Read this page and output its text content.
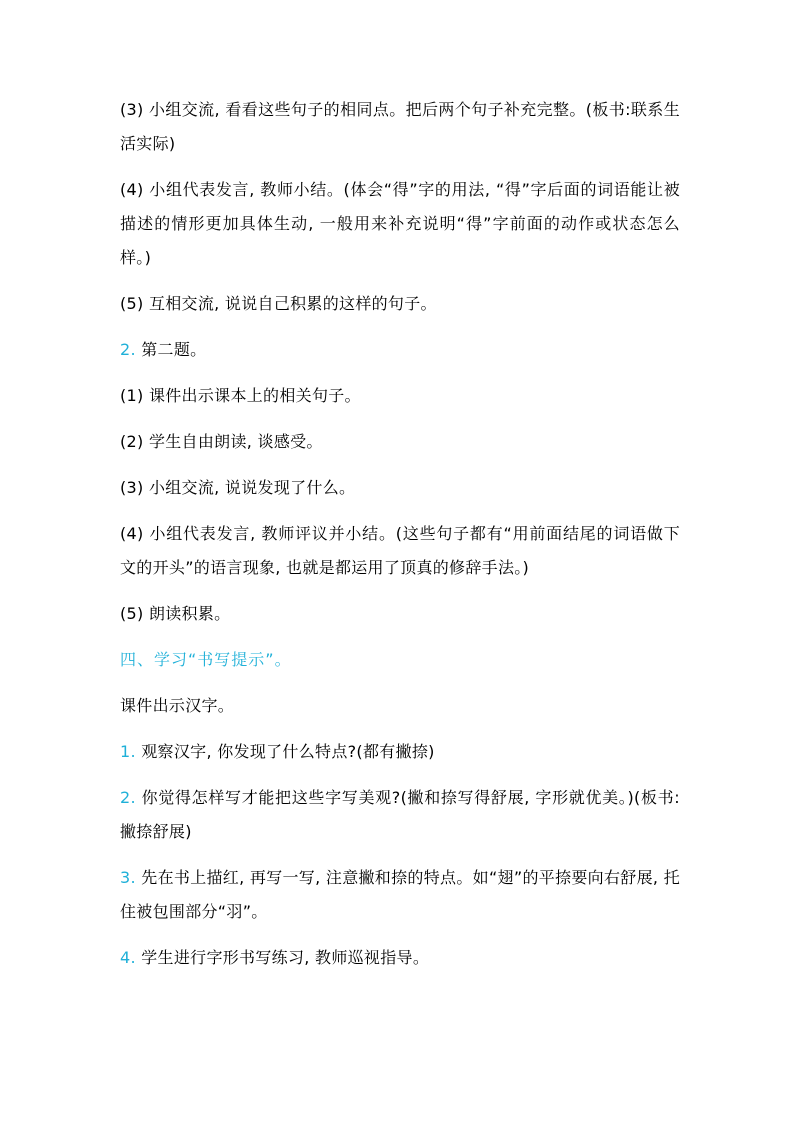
(3) 小组交流, 看看这些句子的相同点。把后两个句子补充完整。(板书:联系生活实际)

(4) 小组代表发言, 教师小结。(体会“得”字的用法, “得”字后面的词语能让被描述的情形更加具体生动, 一般用来补充说明“得”字前面的动作或状态怎么样。)

(5) 互相交流, 说说自己积累的这样的句子。

2. 第二题。

(1) 课件出示课本上的相关句子。

(2) 学生自由朗读, 谈感受。

(3) 小组交流, 说说发现了什么。

(4) 小组代表发言, 教师评议并小结。(这些句子都有“用前面结尾的词语做下文的开头”的语言现象, 也就是都运用了顶真的修辞手法。)

(5) 朗读积累。

四、学习“书写提示”。

课件出示汉字。

1. 观察汉字, 你发现了什么特点?(都有撇捺)

2. 你觉得怎样写才能把这些字写美观?(撇和捺写得舒展, 字形就优美。)(板书:撇捺舒展)

3. 先在书上描红, 再写一写, 注意撇和捺的特点。如“翅”的平捺要向右舒展, 托住被包围部分“羽”。

4. 学生进行字形书写练习, 教师巡视指导。
